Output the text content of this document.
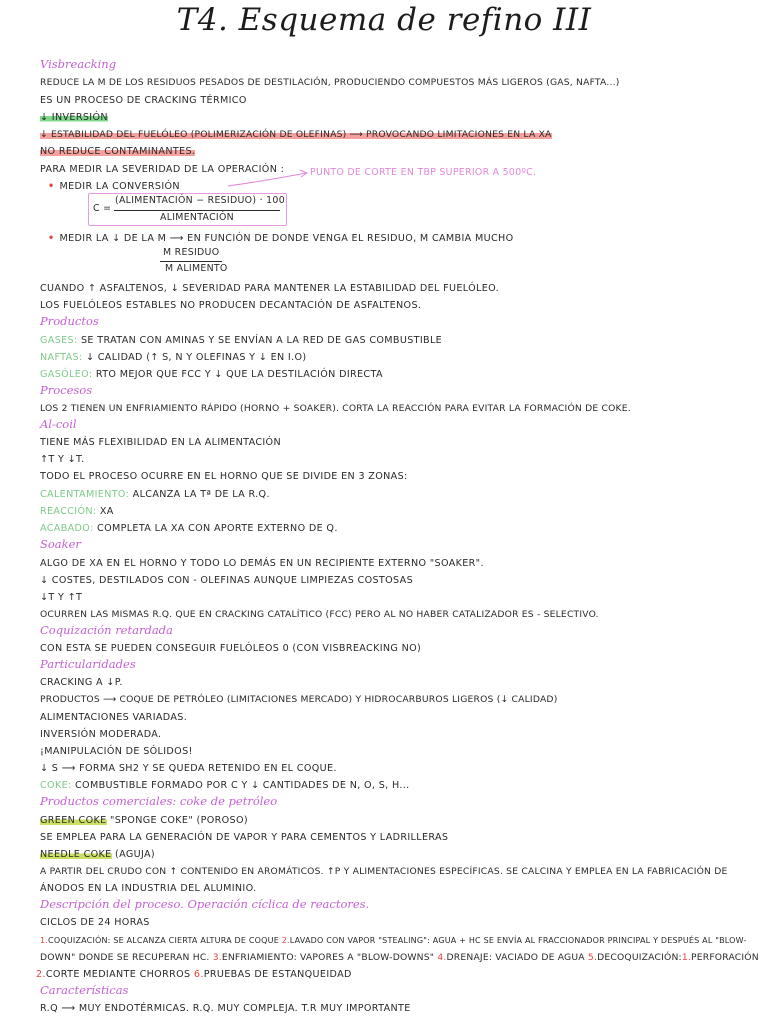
T4. Esquema de refino III
Visbreacking
REDUCE LA Μ DE LOS RESIDUOS PESADOS DE DESTILACIÓN, PRODUCIENDO COMPUESTOS MÁS LIGEROS (GAS, NAFTA...)
ES UN PROCESO DE CRACKING TÉRMICO
↓ INVERSIÓN
↓ ESTABILIDAD DEL FUELÓLEO (POLIMERIZACIÓN DE OLEFINAS) ⟶ PROVOCANDO LIMITACIONES EN LA XA
NO REDUCE CONTAMINANTES.
PARA MEDIR LA SEVERIDAD DE LA OPERACIÓN :
• MEDIR LA CONVERSIÓN
PUNTO DE CORTE EN TBP SUPERIOR A 500ºC.
C =
(ALIMENTACIÓN − RESIDUO) · 100
ALIMENTACIÓN
• MEDIR LA ↓ DE LA Μ ⟶ EN FUNCIÓN DE DONDE VENGA EL RESIDUO, Μ CAMBIA MUCHO
Μ RESIDUO
Μ ALIMENTO
CUANDO ↑ ASFALTENOS, ↓ SEVERIDAD PARA MANTENER LA ESTABILIDAD DEL FUELÓLEO.
LOS FUELÓLEOS ESTABLES NO PRODUCEN DECANTACIÓN DE ASFALTENOS.
Productos
GASES: SE TRATAN CON AMINAS Y SE ENVÍAN A LA RED DE GAS COMBUSTIBLE
NAFTAS: ↓ CALIDAD (↑ S, N Y OLEFINAS Y ↓ EN I.O)
GASÓLEO: RTO MEJOR QUE FCC Y ↓ QUE LA DESTILACIÓN DIRECTA
Procesos
LOS 2 TIENEN UN ENFRIAMIENTO RÁPIDO (HORNO + SOAKER). CORTA LA REACCIÓN PARA EVITAR LA FORMACIÓN DE COKE.
Al-coil
TIENE MÁS FLEXIBILIDAD EN LA ALIMENTACIÓN
↑T Y ↓T.
TODO EL PROCESO OCURRE EN EL HORNO QUE SE DIVIDE EN 3 ZONAS:
CALENTAMIENTO: ALCANZA LA Tª DE LA R.Q.
REACCIÓN: XA
ACABADO: COMPLETA LA XA CON APORTE EXTERNO DE Q.
Soaker
ALGO DE XA EN EL HORNO Y TODO LO DEMÁS EN UN RECIPIENTE EXTERNO "SOAKER".
↓ COSTES, DESTILADOS CON - OLEFINAS AUNQUE LIMPIEZAS COSTOSAS
↓T Y ↑T
OCURREN LAS MISMAS R.Q. QUE EN CRACKING CATALÍTICO (FCC) PERO AL NO HABER CATALIZADOR ES - SELECTIVO.
Coquización retardada
CON ESTA SE PUEDEN CONSEGUIR FUELÓLEOS 0 (CON VISBREACKING NO)
Particularidades
CRACKING A ↓P.
PRODUCTOS ⟶ COQUE DE PETRÓLEO (LIMITACIONES MERCADO) Y HIDROCARBUROS LIGEROS (↓ CALIDAD)
ALIMENTACIONES VARIADAS.
INVERSIÓN MODERADA.
¡MANIPULACIÓN DE SÓLIDOS!
↓ S ⟶ FORMA SH2 Y SE QUEDA RETENIDO EN EL COQUE.
COKE: COMBUSTIBLE FORMADO POR C Y ↓ CANTIDADES DE N, O, S, H...
Productos comerciales: coke de petróleo
GREEN COKE "SPONGE COKE" (POROSO)
SE EMPLEA PARA LA GENERACIÓN DE VAPOR Y PARA CEMENTOS Y LADRILLERAS
NEEDLE COKE (AGUJA)
A PARTIR DEL CRUDO CON ↑ CONTENIDO EN AROMÁTICOS. ↑P Y ALIMENTACIONES ESPECÍFICAS. SE CALCINA Y EMPLEA EN LA FABRICACIÓN DE
ÁNODOS EN LA INDUSTRIA DEL ALUMINIO.
Descripción del proceso. Operación cíclica de reactores.
CICLOS DE 24 HORAS
1.COQUIZACIÓN: SE ALCANZA CIERTA ALTURA DE COQUE 2.LAVADO CON VAPOR "STEALING": AGUA + HC SE ENVÍA AL FRACCIONADOR PRINCIPAL Y DESPUÉS AL "BLOW-
DOWN" DONDE SE RECUPERAN HC. 3.ENFRIAMIENTO: VAPORES A "BLOW-DOWNS" 4.DRENAJE: VACIADO DE AGUA 5.DECOQUIZACIÓN:1.PERFORACIÓN
2.CORTE MEDIANTE CHORROS 6.PRUEBAS DE ESTANQUEIDAD
Características
R.Q ⟶ MUY ENDOTÉRMICAS. R.Q. MUY COMPLEJA. T.R MUY IMPORTANTE
